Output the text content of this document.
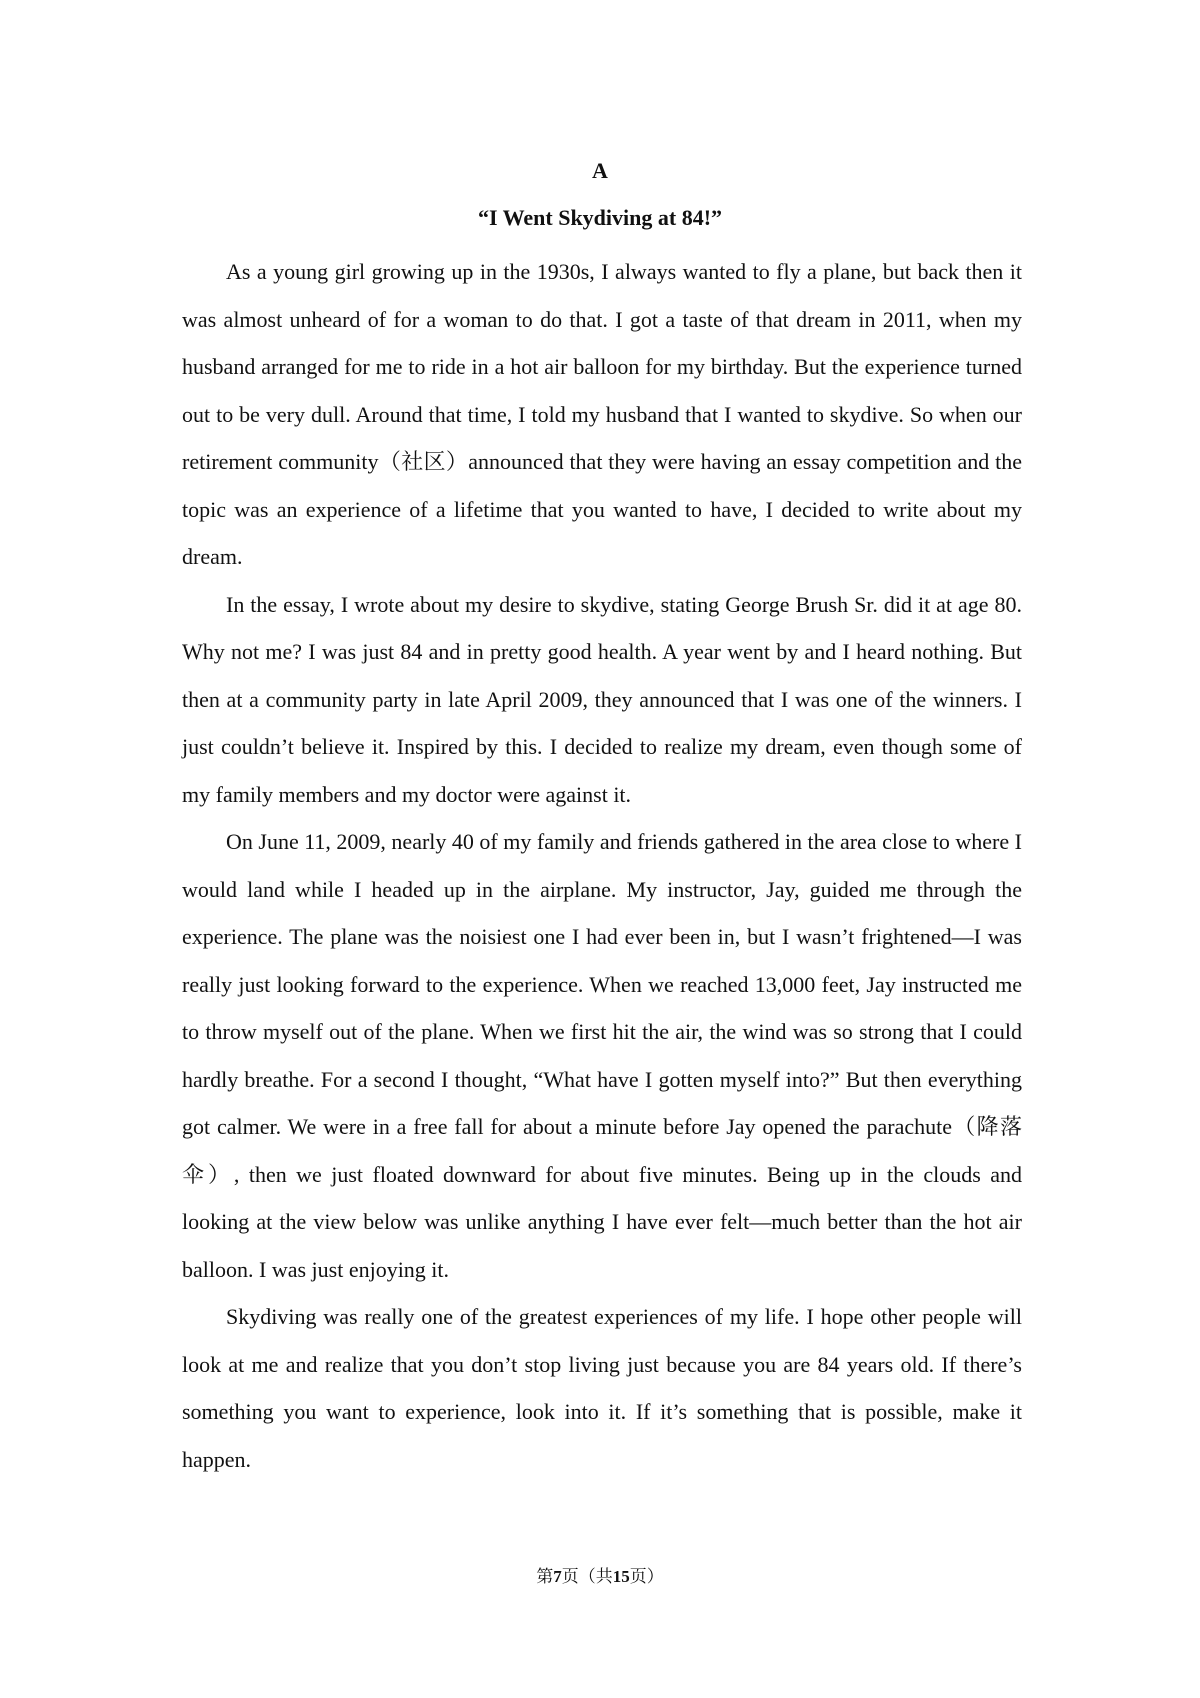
A
“I Went Skydiving at 84!”

As a young girl growing up in the 1930s, I always wanted to fly a plane, but back then it was almost unheard of for a woman to do that. I got a taste of that dream in 2011, when my husband arranged for me to ride in a hot air balloon for my birthday. But the experience turned out to be very dull. Around that time, I told my husband that I wanted to skydive. So when our retirement community（社区）announced that they were having an essay competition and the topic was an experience of a lifetime that you wanted to have, I decided to write about my dream.

In the essay, I wrote about my desire to skydive, stating George Brush Sr. did it at age 80. Why not me? I was just 84 and in pretty good health. A year went by and I heard nothing. But then at a community party in late April 2009, they announced that I was one of the winners. I just couldn’t believe it. Inspired by this. I decided to realize my dream, even though some of my family members and my doctor were against it.

On June 11, 2009, nearly 40 of my family and friends gathered in the area close to where I would land while I headed up in the airplane. My instructor, Jay, guided me through the experience. The plane was the noisiest one I had ever been in, but I wasn’t frightened—I was really just looking forward to the experience. When we reached 13,000 feet, Jay instructed me to throw myself out of the plane. When we first hit the air, the wind was so strong that I could hardly breathe. For a second I thought, “What have I gotten myself into?” But then everything got calmer. We were in a free fall for about a minute before Jay opened the parachute（降落伞）, then we just floated downward for about five minutes. Being up in the clouds and looking at the view below was unlike anything I have ever felt—much better than the hot air balloon. I was just enjoying it.

Skydiving was really one of the greatest experiences of my life. I hope other people will look at me and realize that you don’t stop living just because you are 84 years old. If there’s something you want to experience, look into it. If it’s something that is possible, make it happen.

第7页（共15页）
